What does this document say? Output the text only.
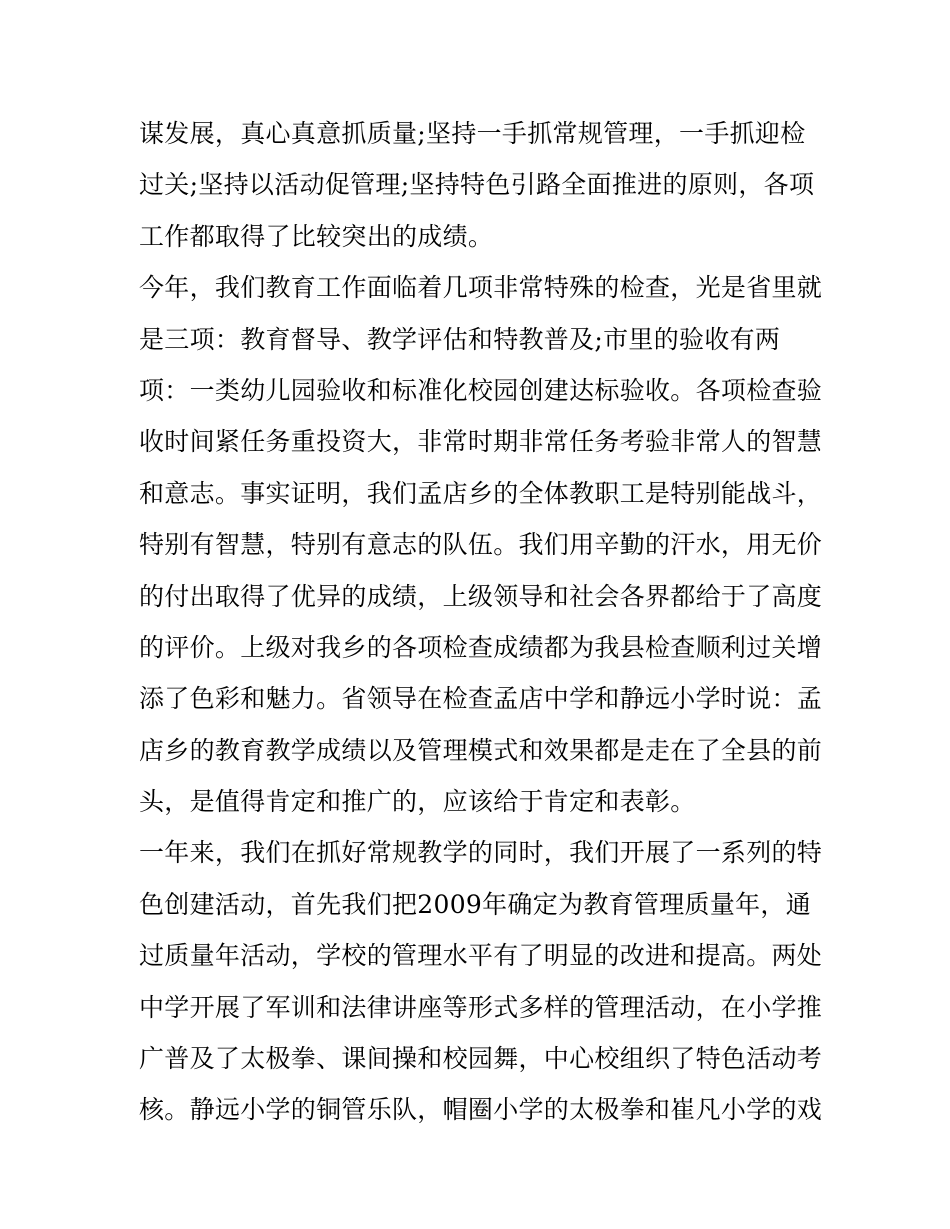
谋发展，真心真意抓质量;坚持一手抓常规管理，一手抓迎检
过关;坚持以活动促管理;坚持特色引路全面推进的原则，各项
工作都取得了比较突出的成绩。
今年，我们教育工作面临着几项非常特殊的检查，光是省里就
是三项：教育督导、教学评估和特教普及;市里的验收有两
项：一类幼儿园验收和标准化校园创建达标验收。各项检查验
收时间紧任务重投资大，非常时期非常任务考验非常人的智慧
和意志。事实证明，我们孟店乡的全体教职工是特别能战斗，
特别有智慧，特别有意志的队伍。我们用辛勤的汗水，用无价
的付出取得了优异的成绩，上级领导和社会各界都给于了高度
的评价。上级对我乡的各项检查成绩都为我县检查顺利过关增
添了色彩和魅力。省领导在检查孟店中学和静远小学时说：孟
店乡的教育教学成绩以及管理模式和效果都是走在了全县的前
头，是值得肯定和推广的，应该给于肯定和表彰。
一年来，我们在抓好常规教学的同时，我们开展了一系列的特
色创建活动，首先我们把2009年确定为教育管理质量年，通
过质量年活动，学校的管理水平有了明显的改进和提高。两处
中学开展了军训和法律讲座等形式多样的管理活动，在小学推
广普及了太极拳、课间操和校园舞，中心校组织了特色活动考
核。静远小学的铜管乐队，帽圈小学的太极拳和崔凡小学的戏
